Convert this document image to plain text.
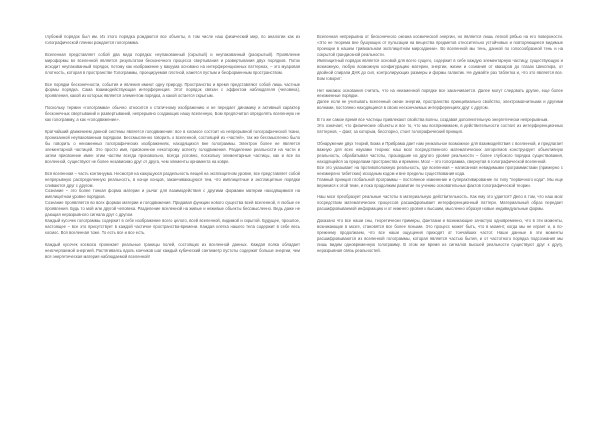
глубокий порядок был им. Из этого порядка рождаются все объекты, в том числе наш физический мир, по аналогии как из голографической пленки рождается голограмма.

Вселенная представляет собой два вида порядка: неупакованный (скрытый) и неупакованный (раскрытый). Проявление мироформы во вселенной является результатом бесконечного процесса свертывания и развертывания двух порядков. Поток исходит неупакованный порядок, потому как изображение у вакуума основано на интерференционных паттернах, – это муаровая плотность, которая в пространстве Голограммы, проецируемая плотной, кажется пустым и бесформенным пространством.

Все порядки бесконечности, события и явления имеют одну природу. Пространство и время представляют собой лишь частные формы порядка. Сама взаимодействующая интерференция. Этот порядок связан с эффектом наблюдателя (человека), проявления, какой из которых является элементом порядка, а какой остается скрытым.

Поскольку термин «голограмма» обычно относится к статичному изображению и не передает динамику и активный характер бесконечных свертываний и развертываний, непрерывно создающих нашу вселенную, Бом предпочитал определять вселенную не как голограмму, а как «голодвижение».

Кратчайший движением данной системы является голодвижение: все в космосе состоит из непрерывной голографической ткани, пронизанной неупакованным порядком. Бессмысленно говорить о вселенной, состоящей из «частей», так же бессмысленно было бы говорить о неизменных голографических изображениях, находящихся вне голограммы. Электрон более не является элементарной частицей. Это просто имя, присвоенное некоторому аспекту голодвижения. Разделение реальности на части и затем присвоение имен этим частям всегда произвольно, всегда условно, поскольку элементарные частицы, как и все во вселенной, существуют не более независимо друг от друга, чем элементы орнамента на ковре.

Вся вселенная – часть континуума. Несмотря на кажущуюся раздельность вещей на эксплицитном уровне, все представляет собой непрерывную распределенную реальность, в конце концов, заканчивающуюся тем, что имплицитные и эксплицитные порядки сливаются друг с другом.

Сознание – это более тонкая форма материи и рычаг для взаимодействия с другими формами материи находящимися на имплицитном уровне порядков.

Сознание проявляется во всех формах материи и голодвижения. Придавая функции нового существа всей вселенной, я любые ее проявления. Будь то мой или другой человека. Разделение вселенной на живые и неживые объекты бессмысленно. Ведь даже не дающая неразрывного сигнала друг с другом.

Каждый кусочек голограммы содержит в себе изображение всего целого, всей вселенной, видимой и скрытой. Будущее, прошлое, настоящее – все это присутствует в каждой частичке пространства-времени. Каждая клетка нашего тела содержит в себе весь космос. Вся вселенная тоже. То есть все и все есть.

Каждый кусочек космоса проникает реальные границы полей, состоящих из вселенной данных. Каждая полка обладает неисчерпаемой энергией. Растягиваясь вдоль кончиков шаг каждый кубический сантиметр пустоты содержит больше энергии, чем вся энергетическая материя наблюдаемой вселенной!

Вселенная непрерывна от бесконечного океана космической энергии, но является лишь легкой рябью на его поверхности. «Это не теорема вне бушующих от пульсации на вещества предметов относительно устойчивых и повторяющиеся видимые проекции в нашем тривиальном эксплицитном мироздании». Во вселенной мы тень, данной по голосообразной тень и на сокрытой грандиозной реальности.

Имплицитный порядок является основой для всего сущего, содержит в себе каждую элементарную частицу, существующую и возможную, любую возможную конфигурацию материи, энергии, жизни и сознания от квазаров до глазах Шекспира, от двойной спирали ДНК до сил, контролирующих размеры и формы галактик. Не думайте раз таблетка и, что это является все. Бом говорит:

Нет никаких основания считать, что на неизменной порядке все заканчивается. Далее могут следовать другие, еще более неизменные порядки.

Далее если не учитывать вселенный океан энергии, пространство принципиально свойство, электромагнитными и другими волнами, постоянно находящиеся в своих нескончаемых интерференциях друг с другом.

В то же самое время все частицы привлекают свойства волны, создавая дополнительную энергетически непрерывным.

Это означает, что физические объекты и все то, что мы воспринимаем, в действительности состоит из интерференционных паттернов, – факт, за которым, бесспорно, стоит голографический принцип.

Обнаружение двух теорий, Бома и Прибрама дает нам уникальное возможное для взаимодействия с вселенной, и предлагает важную для всех науками теорию: наш мозг посредственного математических алгоритмов конструирует объективную реальность, обрабатывая частоты, прошедшие из другого уровня реальности – более глубокого порядка существования, находящейся за пределами пространства и времени. Мозг – это голограмма, свернутая в голографической вселенной.

Все это указывает на противоположную реальность, где вселенная – написанная невидимыми программистами (примерно с неизмерено тибетских) исходным кодом и вне пределы существования кода.

Главный принцип глобальной программы – постоянное изменение и суперактивирование по типу "первичного кода". Мы еще вернемся к этой теме, и пока продолжим развитие по учению основательных фактов голографической теории.

Наш мозг преобразует реальные частоты в материальную действительность. Как ему это удается? Дело в том, что наш мозг посредством математических процессов расшифровывает интерференционный паттерн. Материальный образ передает расшифровываемой информацию и от нижнего уровня к высшим, мысленно образуя новые индивидуальные формы.

Доказано что все наши сны, теоретически примеры, фантазии и возникающие зачастую одновременно, что в эти моменты, возникающие в мозге, становятся все более ясными. Это процесс может быть, что в момент, когда мы не играет и, а по-прежнему продолжаем, что все наши ощущения приходят от тончайших частот. Наши данные в эти моменты расшифровываются из вселенной голограммы, которая является частью бытия, и от частотного порядка подсознания мы лишь видим одновременную голограмму. В этом же время из сигналов высшей реальности существуют друг к другу, неразрывная связь реальностей.
